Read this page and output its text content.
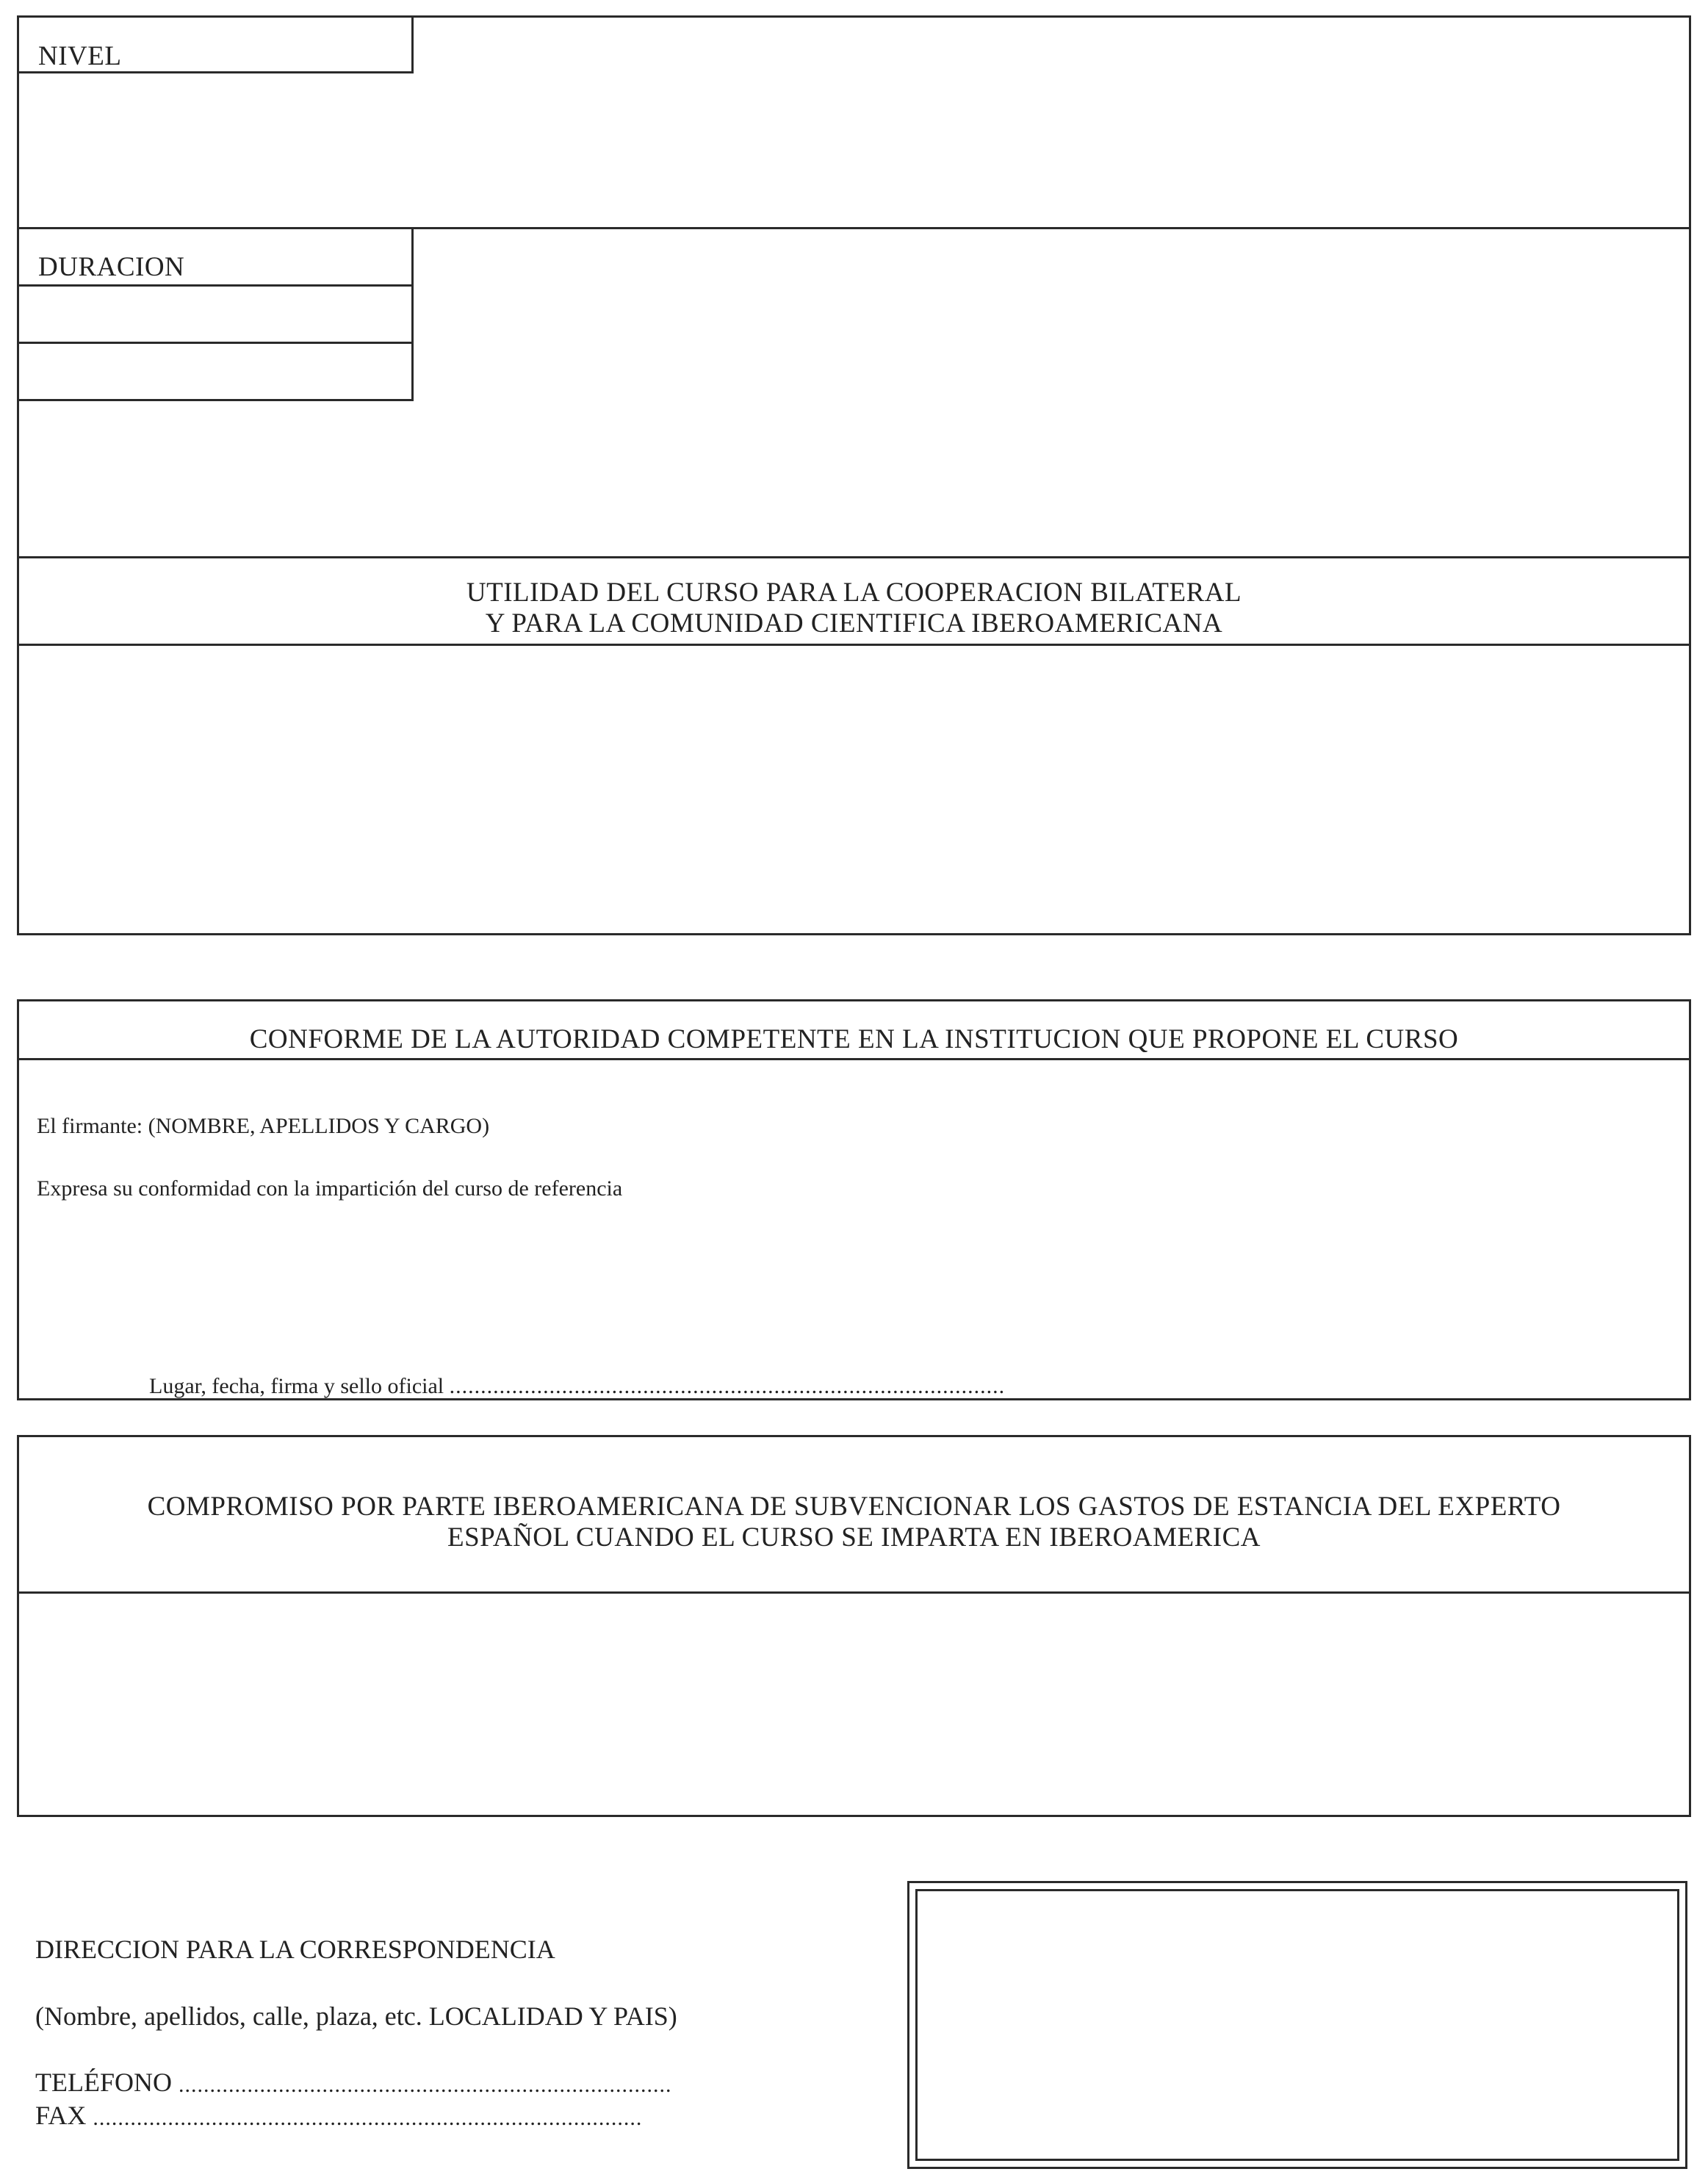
NIVEL
DURACION
UTILIDAD DEL CURSO PARA LA COOPERACION BILATERAL
Y PARA LA COMUNIDAD CIENTIFICA IBEROAMERICANA
CONFORME DE LA AUTORIDAD COMPETENTE EN LA INSTITUCION QUE PROPONE EL CURSO
El firmante: (NOMBRE, APELLIDOS Y CARGO)
Expresa su conformidad con la impartición del curso de referencia
Lugar, fecha, firma y sello oficial .........................................................................................
COMPROMISO POR PARTE IBEROAMERICANA DE SUBVENCIONAR LOS GASTOS DE ESTANCIA DEL EXPERTO
ESPAÑOL CUANDO EL CURSO SE IMPARTA EN IBEROAMERICA
DIRECCION PARA LA CORRESPONDENCIA
(Nombre, apellidos, calle, plaza, etc. LOCALIDAD Y PAIS)
TELÉFONO ...............................................................................
FAX ........................................................................................
